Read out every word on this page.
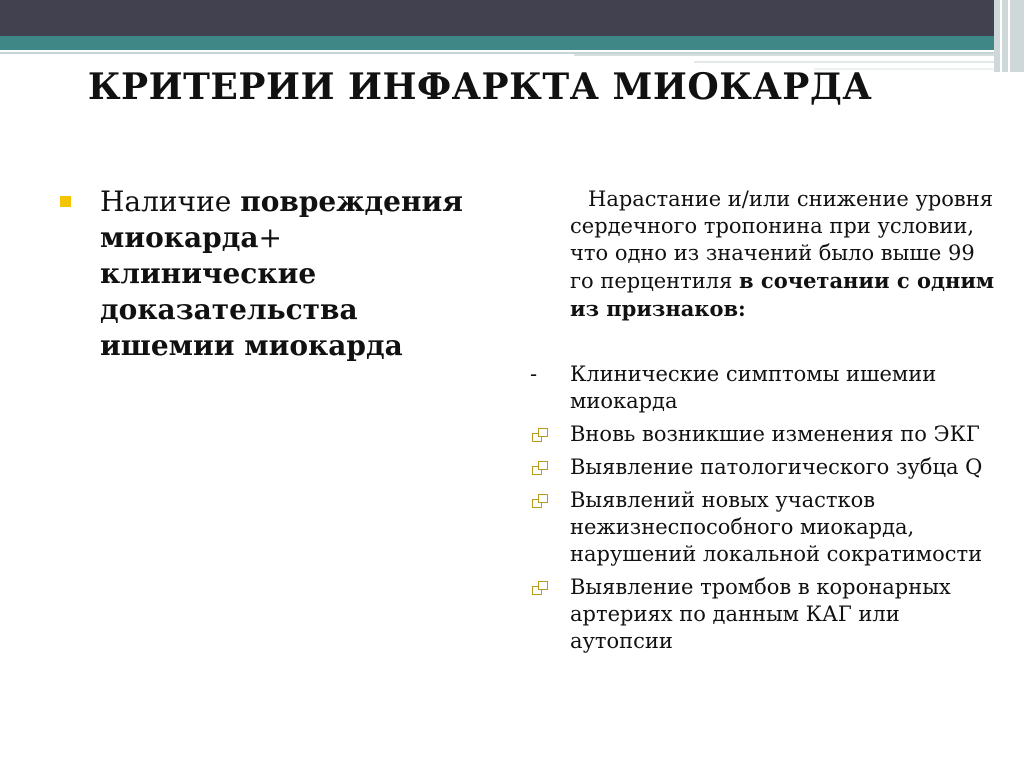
КРИТЕРИИ ИНФАРКТА МИОКАРДА
Наличие повреждения миокарда+ клинические доказательства ишемии миокарда
Нарастание и/или снижение уровня сердечного тропонина при условии, что одно из значений было выше 99 го перцентиля в сочетании с одним из признаков:
-	Клинические симптомы ишемии миокарда
Вновь возникшие изменения по ЭКГ
Выявление патологического зубца Q
Выявлений новых участков нежизнеспособного миокарда, нарушений локальной сократимости
Выявление тромбов в коронарных артериях по данным КАГ или аутопсии
